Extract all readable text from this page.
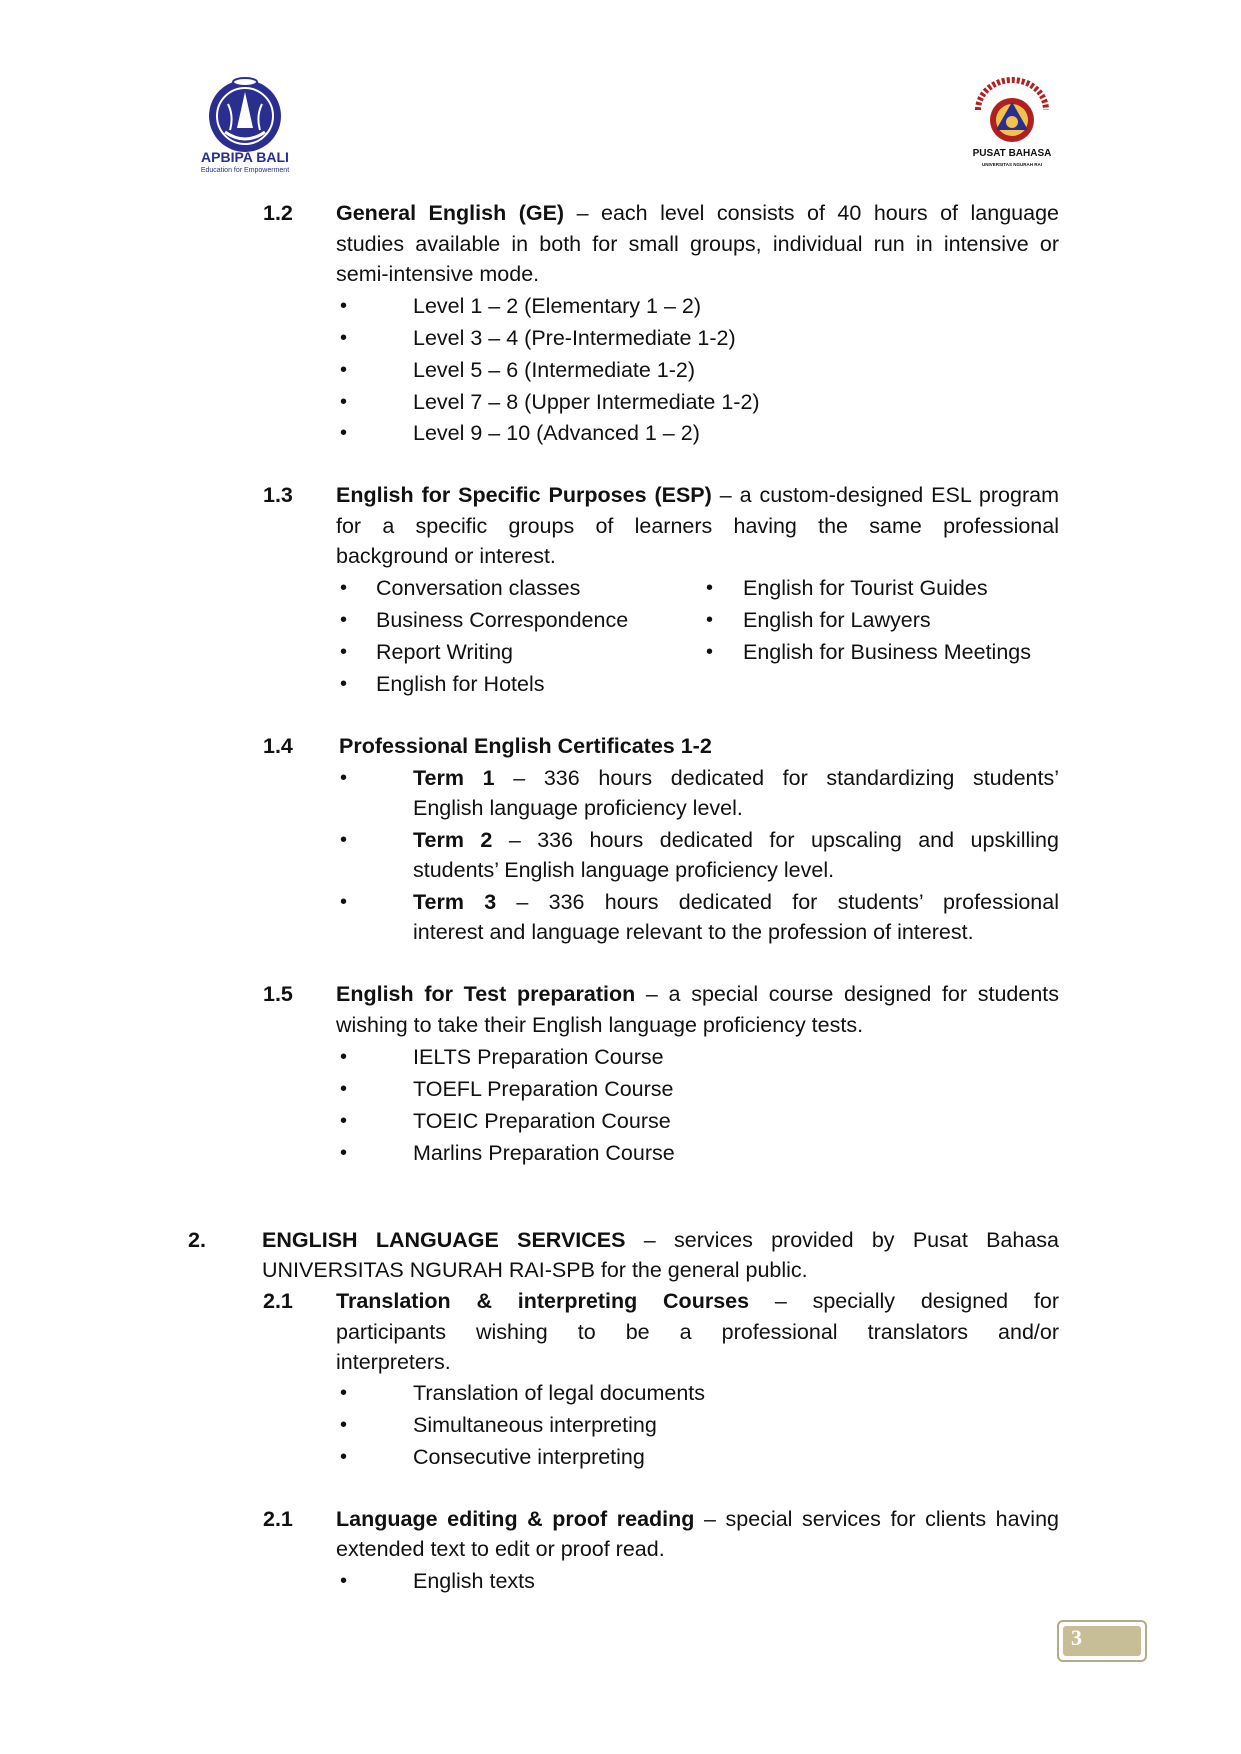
APBIPA BALI
Education for Empowerment
PUSAT BAHASA
UNIVERSITAS NGURAH RAI
1.2 General English (GE) – each level consists of 40 hours of language
studies available in both for small groups, individual run in intensive or
semi-intensive mode.
•	Level 1 – 2 (Elementary 1 – 2)
•	Level 3 – 4 (Pre-Intermediate 1-2)
•	Level 5 – 6 (Intermediate 1-2)
•	Level 7 – 8 (Upper Intermediate 1-2)
•	Level 9 – 10 (Advanced 1 – 2)
1.3 English for Specific Purposes (ESP) – a custom-designed ESL program
for a specific groups of learners having the same professional
background or interest.
• Conversation classes
• Business Correspondence
• Report Writing
• English for Hotels
• English for Tourist Guides
• English for Lawyers
• English for Business Meetings
1.4 Professional English Certificates 1-2
•	Term 1 – 336 hours dedicated for standardizing students’
English language proficiency level.
•	Term 2 – 336 hours dedicated for upscaling and upskilling
students’ English language proficiency level.
•	Term 3 – 336 hours dedicated for students’ professional
interest and language relevant to the profession of interest.
1.5 English for Test preparation – a special course designed for students
wishing to take their English language proficiency tests.
•	IELTS Preparation Course
•	TOEFL Preparation Course
•	TOEIC Preparation Course
•	Marlins Preparation Course
2.	ENGLISH LANGUAGE SERVICES – services provided by Pusat Bahasa
UNIVERSITAS NGURAH RAI-SPB for the general public.
2.1 Translation & interpreting Courses – specially designed for
participants wishing to be a professional translators and/or
interpreters.
•	Translation of legal documents
•	Simultaneous interpreting
•	Consecutive interpreting
2.1 Language editing & proof reading – special services for clients having
extended text to edit or proof read.
•	English texts
3
